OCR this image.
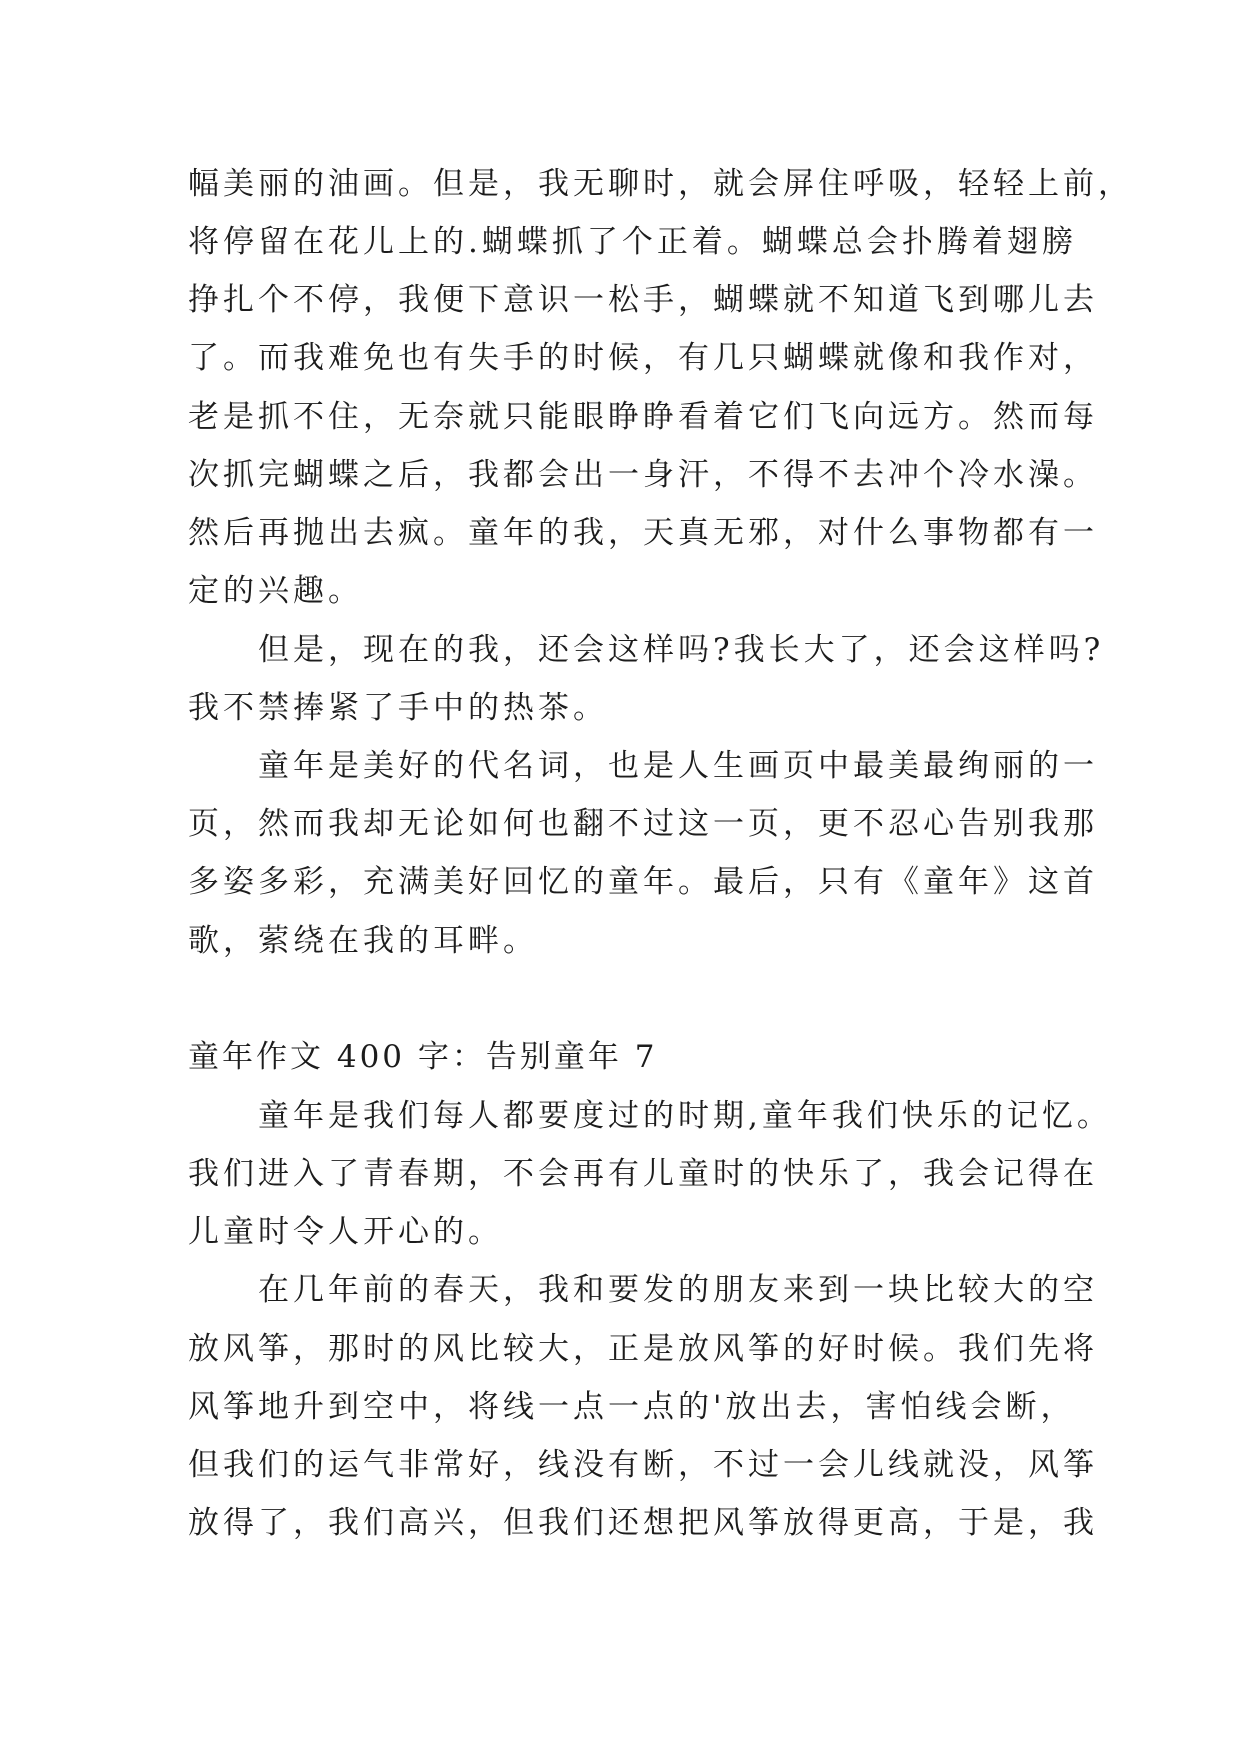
幅美丽的油画。但是，我无聊时，就会屏住呼吸，轻轻上前，
将停留在花儿上的.蝴蝶抓了个正着。蝴蝶总会扑腾着翅膀
挣扎个不停，我便下意识一松手，蝴蝶就不知道飞到哪儿去
了。而我难免也有失手的时候，有几只蝴蝶就像和我作对，
老是抓不住，无奈就只能眼睁睁看着它们飞向远方。然而每
次抓完蝴蝶之后，我都会出一身汗，不得不去冲个冷水澡。
然后再抛出去疯。童年的我，天真无邪，对什么事物都有一
定的兴趣。
　　但是，现在的我，还会这样吗?我长大了，还会这样吗?
我不禁捧紧了手中的热茶。
　　童年是美好的代名词，也是人生画页中最美最绚丽的一
页，然而我却无论如何也翻不过这一页，更不忍心告别我那
多姿多彩，充满美好回忆的童年。最后，只有《童年》这首
歌，萦绕在我的耳畔。
童年作文 400 字：告别童年 7
　　童年是我们每人都要度过的时期,童年我们快乐的记忆。
我们进入了青春期，不会再有儿童时的快乐了，我会记得在
儿童时令人开心的。
　　在几年前的春天，我和要发的朋友来到一块比较大的空
放风筝，那时的风比较大，正是放风筝的好时候。我们先将
风筝地升到空中，将线一点一点的'放出去，害怕线会断，
但我们的运气非常好，线没有断，不过一会儿线就没，风筝
放得了，我们高兴，但我们还想把风筝放得更高，于是，我
